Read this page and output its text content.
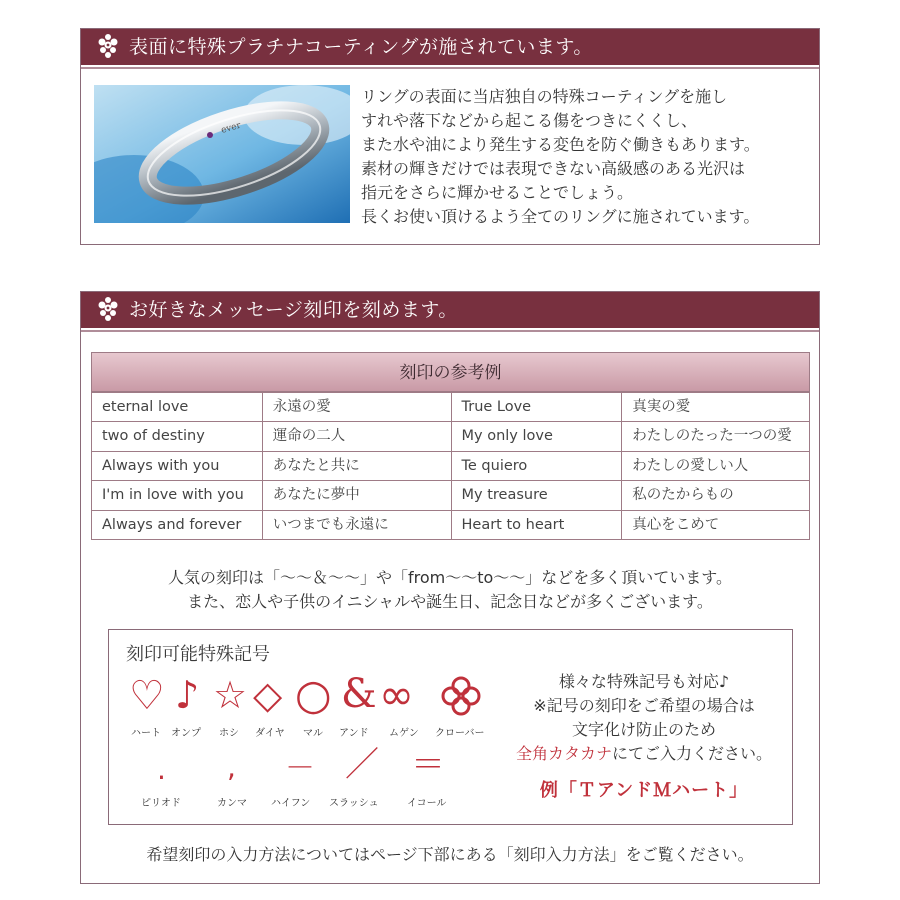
表面に特殊プラチナコーティングが施されています。
ever
リングの表面に当店独自の特殊コーティングを施し
すれや落下などから起こる傷をつきにくくし、
また水や油により発生する変色を防ぐ働きもあります。
素材の輝きだけでは表現できない高級感のある光沢は
指元をさらに輝かせることでしょう。
長くお使い頂けるよう全てのリングに施されています。
お好きなメッセージ刻印を刻めます。
刻印の参考例
eternal love	永遠の愛	True Love	真実の愛
two of destiny	運命の二人	My only love	わたしのたった一つの愛
Always with you	あなたと共に	Te quiero	わたしの愛しい人
I'm in love with you	あなたに夢中	My treasure	私のたからもの
Always and forever	いつまでも永遠に	Heart to heart	真心をこめて
人気の刻印は「～～＆～～」や「from～～to～～」などを多く頂いています。
また、恋人や子供のイニシャルや誕生日、記念日などが多くございます。
刻印可能特殊記号
♡ ♪ ☆ ◇ ○ & ∞
ハート オンプ ホシ ダイヤ マル アンド ムゲン クローバー
. , － ／ ＝
ピリオド	カンマ ハイフン スラッシュ	イコール
様々な特殊記号も対応♪
※記号の刻印をご希望の場合は
文字化け防止のため
全角カタカナにてご入力ください。
例「ＴアンドＭハート」
希望刻印の入力方法についてはページ下部にある「刻印入力方法」をご覧ください。
